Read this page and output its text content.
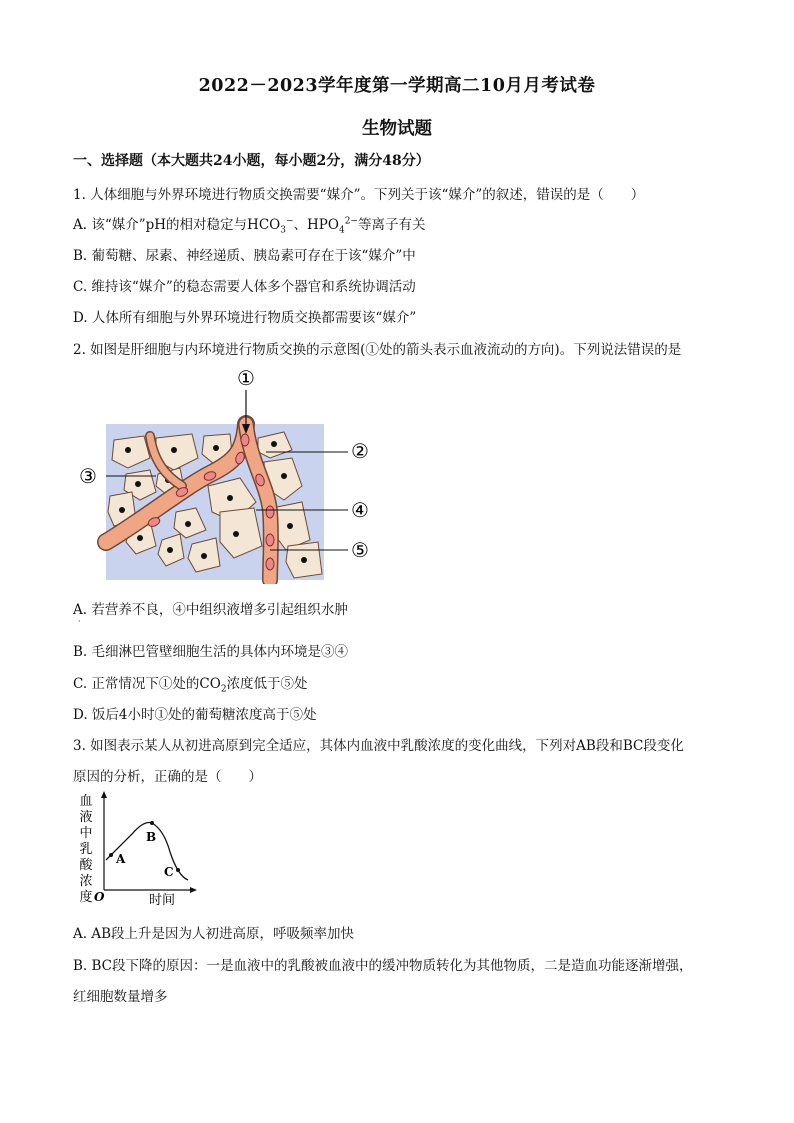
2022－2023学年度第一学期高二10月月考试卷
生物试题
一、选择题（本大题共24小题，每小题2分，满分48分）
1. 人体细胞与外界环境进行物质交换需要“媒介”。下列关于该“媒介”的叙述，错误的是（　　）
A. 该“媒介”pH的相对稳定与$HCO_3^-$、$HPO_4^{2-}$等离子有关
B. 葡萄糖、尿素、神经递质、胰岛素可存在于该“媒介”中
C. 维持该“媒介”的稳态需要人体多个器官和系统协调活动
D. 人体所有细胞与外界环境进行物质交换都需要该“媒介”
2. 如图是肝细胞与内环境进行物质交换的示意图(①处的箭头表示血液流动的方向)。下列说法错误的是
①
②
③
④
⑤
A. 若营养不良，④中组织液增多引起组织水肿
·
B. 毛细淋巴管壁细胞生活的具体内环境是③④
C. 正常情况下①处的$CO_2$浓度低于⑤处
D. 饭后4小时①处的葡萄糖浓度高于⑤处
3. 如图表示某人从初进高原到完全适应，其体内血液中乳酸浓度的变化曲线，下列对AB段和BC段变化
原因的分析，正确的是（　　）
血
液
中
乳
酸
浓
度
A
B
C
O	时间
A. AB段上升是因为人初进高原，呼吸频率加快
B. BC段下降的原因：一是血液中的乳酸被血液中的缓冲物质转化为其他物质，二是造血功能逐渐增强，
红细胞数量增多
